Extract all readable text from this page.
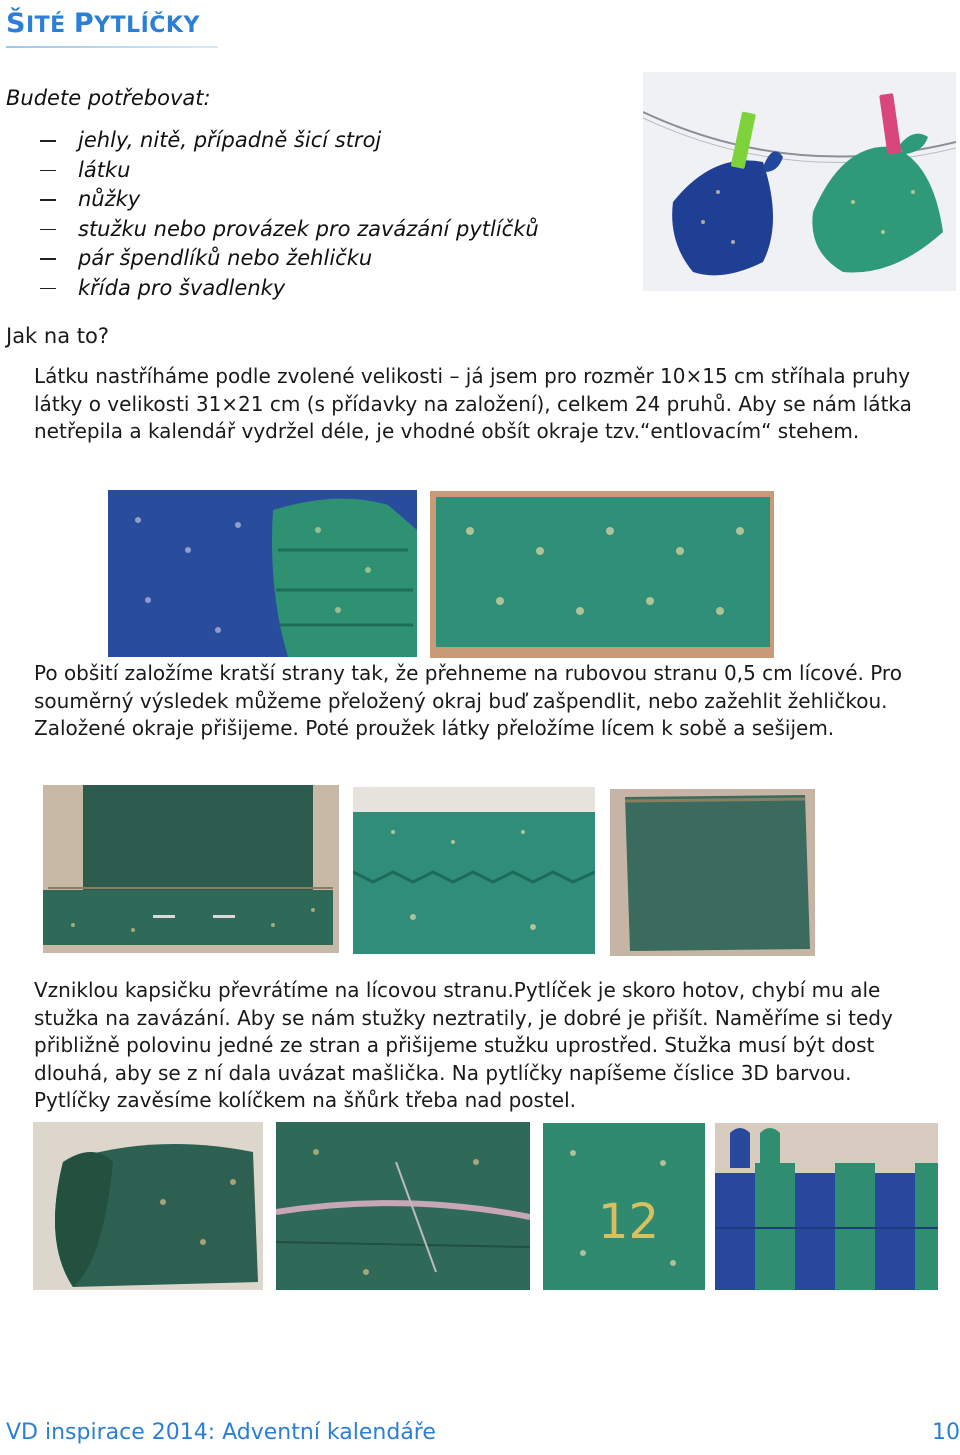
ŠITÉ PYTLÍČKY
Budete potřebovat:
jehly, nitě, případně šicí stroj
látku
nůžky
stužku nebo provázek pro zavázání pytlíčků
pár špendlíků nebo žehličku
křída pro švadlenky
Jak na to?

Látku nastříháme podle zvolené velikosti – já jsem pro rozměr 10×15 cm stříhala pruhy látky o velikosti 31×21 cm (s přídavky na založení), celkem 24 pruhů. Aby se nám látka netřepila a kalendář vydržel déle, je vhodné obšít okraje tzv.“entlovacím“ stehem.

Po obšití založíme kratší strany tak, že přehneme na rubovou stranu 0,5 cm lícové. Pro souměrný výsledek můžeme přeložený okraj buď zašpendlit, nebo zažehlit žehličkou. Založené okraje přišijeme. Poté proužek látky přeložíme lícem k sobě a sešijem.

Vzniklou kapsičku převrátíme na lícovou stranu.Pytlíček je skoro hotov, chybí mu ale stužka na zavázání. Aby se nám stužky neztratily, je dobré je přišít. Naměříme si tedy přibližně polovinu jedné ze stran a přišijeme stužku uprostřed. Stužka musí být dost dlouhá, aby se z ní dala uvázat mašlička. Na pytlíčky napíšeme číslice 3D barvou. Pytlíčky zavěsíme kolíčkem na šňůrk třeba nad postel.

12
VD inspirace 2014: Adventní kalendáře	10
